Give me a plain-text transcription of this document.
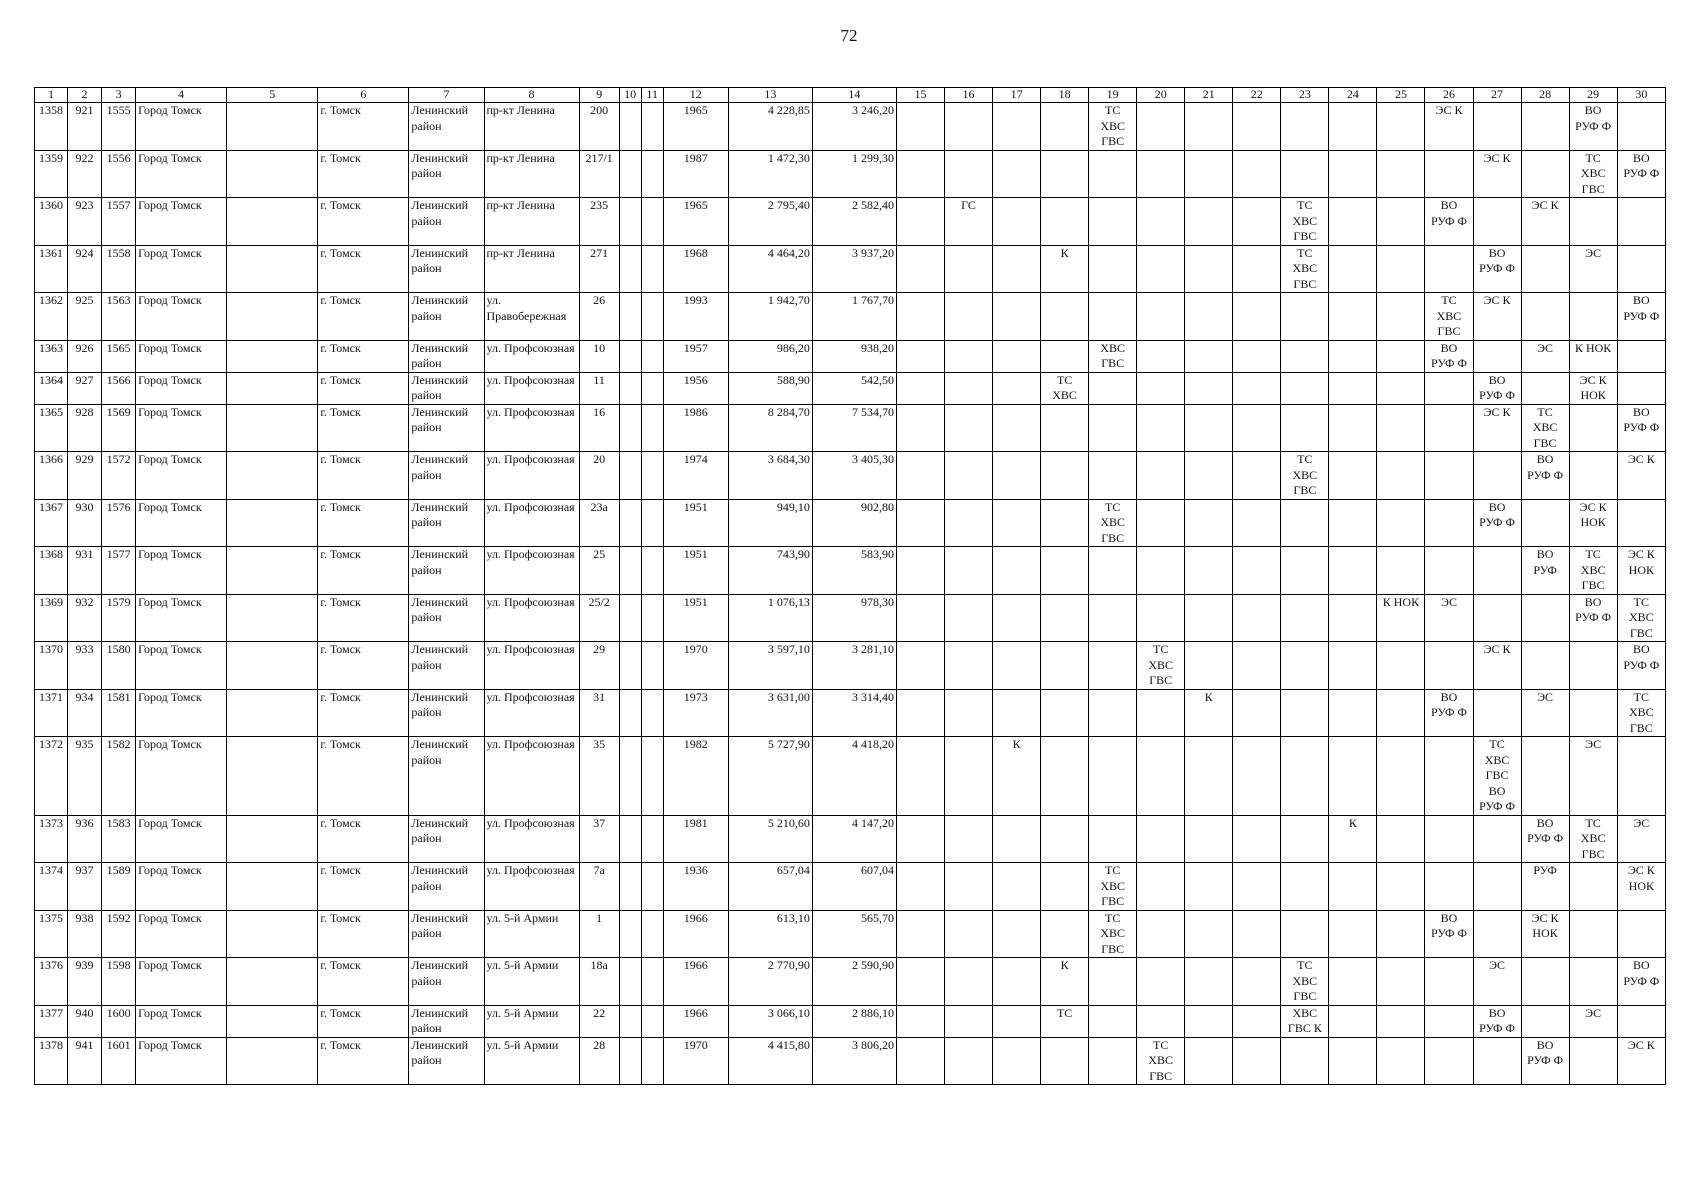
72
1	2	3	4	5	6	7	8	9	10	11	12	13	14	15	16	17	18	19	20	21	22	23	24	25	26	27	28	29	30
1358	921	1555	Город Томск		г. Томск	Ленинский район	пр-кт Ленина	200			1965	4 228,85	3 246,20					ТС
ХВС
ГВС							ЭС К			ВО
РУФ Ф	
1359	922	1556	Город Томск		г. Томск	Ленинский район	пр-кт Ленина	217/1			1987	1 472,30	1 299,30													ЭС К		ТС
ХВС
ГВС	ВО
РУФ Ф
1360	923	1557	Город Томск		г. Томск	Ленинский район	пр-кт Ленина	235			1965	2 795,40	2 582,40		ГС							ТС
ХВС
ГВС			ВО
РУФ Ф		ЭС К		
1361	924	1558	Город Томск		г. Томск	Ленинский район	пр-кт Ленина	271			1968	4 464,20	3 937,20				К					ТС
ХВС
ГВС				ВО
РУФ Ф		ЭС	
1362	925	1563	Город Томск		г. Томск	Ленинский район	ул. Правобережная	26			1993	1 942,70	1 767,70												ТС
ХВС
ГВС	ЭС К			ВО
РУФ Ф
1363	926	1565	Город Томск		г. Томск	Ленинский район	ул. Профсоюзная	10			1957	986,20	938,20					ХВС
ГВС							ВО
РУФ Ф		ЭС	К НОК	
1364	927	1566	Город Томск		г. Томск	Ленинский район	ул. Профсоюзная	11			1956	588,90	542,50				ТС
ХВС									ВО
РУФ Ф		ЭС К
НОК	
1365	928	1569	Город Томск		г. Томск	Ленинский район	ул. Профсоюзная	16			1986	8 284,70	7 534,70													ЭС К	ТС
ХВС
ГВС		ВО
РУФ Ф
1366	929	1572	Город Томск		г. Томск	Ленинский район	ул. Профсоюзная	20			1974	3 684,30	3 405,30									ТС
ХВС
ГВС					ВО
РУФ Ф		ЭС К
1367	930	1576	Город Томск		г. Томск	Ленинский район	ул. Профсоюзная	23а			1951	949,10	902,80					ТС
ХВС
ГВС								ВО
РУФ Ф		ЭС К
НОК	
1368	931	1577	Город Томск		г. Томск	Ленинский район	ул. Профсоюзная	25			1951	743,90	583,90														ВО
РУФ	ТС
ХВС
ГВС	ЭС К
НОК
1369	932	1579	Город Томск		г. Томск	Ленинский район	ул. Профсоюзная	25/2			1951	1 076,13	978,30											К НОК	ЭС			ВО
РУФ Ф	ТС
ХВС
ГВС
1370	933	1580	Город Томск		г. Томск	Ленинский район	ул. Профсоюзная	29			1970	3 597,10	3 281,10						ТС
ХВС
ГВС							ЭС К			ВО
РУФ Ф
1371	934	1581	Город Томск		г. Томск	Ленинский район	ул. Профсоюзная	31			1973	3 631,00	3 314,40							К					ВО
РУФ Ф		ЭС		ТС
ХВС
ГВС
1372	935	1582	Город Томск		г. Томск	Ленинский район	ул. Профсоюзная	35			1982	5 727,90	4 418,20			К										ТС
ХВС
ГВС
ВО
РУФ Ф		ЭС	
1373	936	1583	Город Томск		г. Томск	Ленинский район	ул. Профсоюзная	37			1981	5 210,60	4 147,20										К				ВО
РУФ Ф	ТС
ХВС
ГВС	ЭС
1374	937	1589	Город Томск		г. Томск	Ленинский район	ул. Профсоюзная	7а			1936	657,04	607,04					ТС
ХВС
ГВС									РУФ		ЭС К
НОК
1375	938	1592	Город Томск		г. Томск	Ленинский район	ул. 5-й Армии	1			1966	613,10	565,70					ТС
ХВС
ГВС							ВО
РУФ Ф		ЭС К
НОК		
1376	939	1598	Город Томск		г. Томск	Ленинский район	ул. 5-й Армии	18а			1966	2 770,90	2 590,90				К					ТС
ХВС
ГВС				ЭС			ВО
РУФ Ф
1377	940	1600	Город Томск		г. Томск	Ленинский район	ул. 5-й Армии	22			1966	3 066,10	2 886,10				ТС					ХВС
ГВС К				ВО
РУФ Ф		ЭС	
1378	941	1601	Город Томск		г. Томск	Ленинский район	ул. 5-й Армии	28			1970	4 415,80	3 806,20						ТС
ХВС
ГВС								ВО
РУФ Ф		ЭС К
